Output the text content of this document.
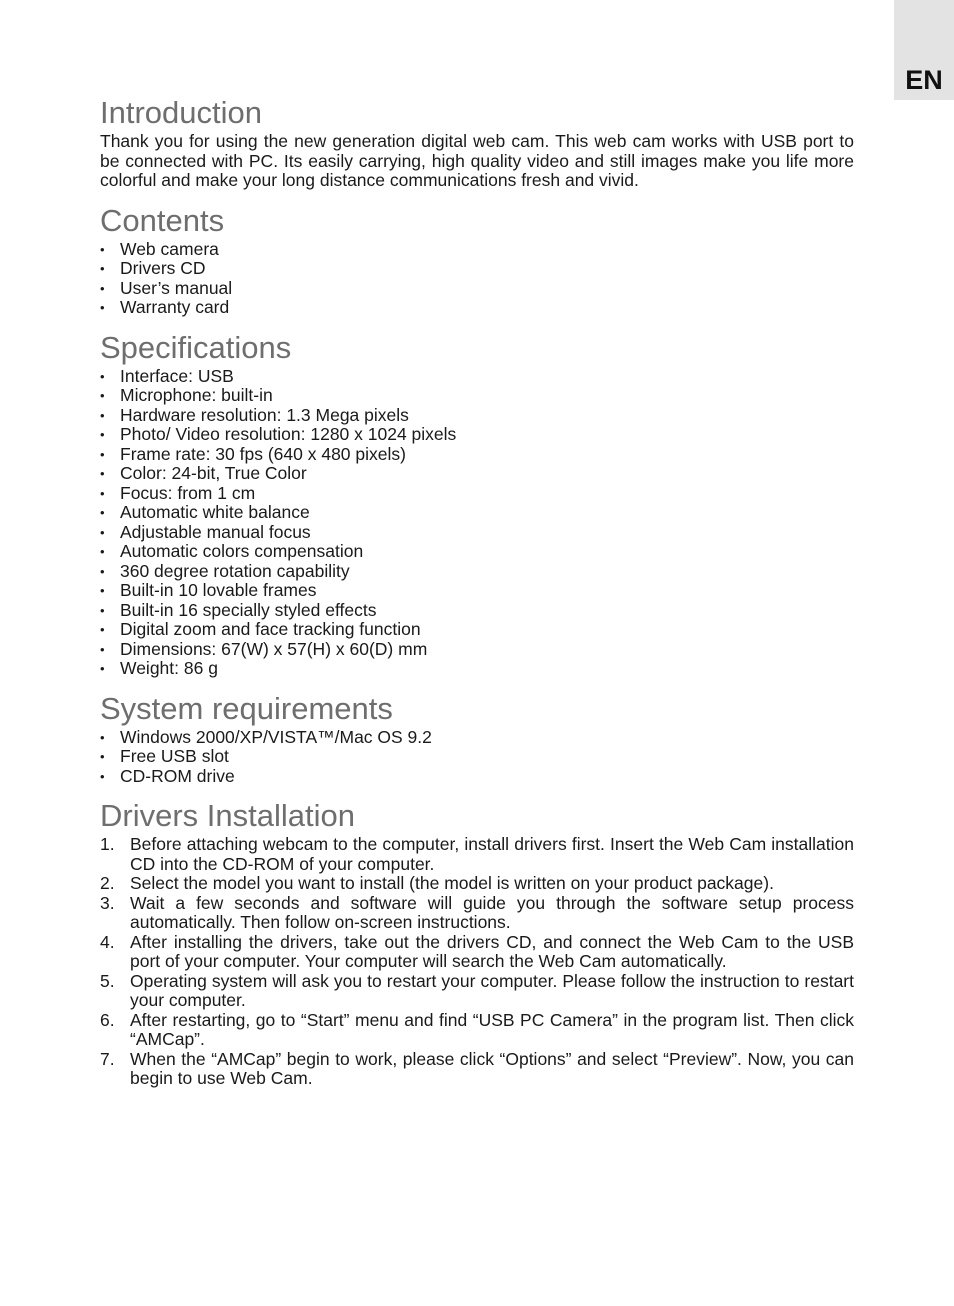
EN
Introduction

Thank you for using the new generation digital web cam. This web cam works with USB port to be connected with PC. Its easily carrying, high quality video and still images make you life more colorful and make your long distance communications fresh and vivid.

Contents
• Web camera
• Drivers CD
• User’s manual
• Warranty card
Specifications
• Interface: USB
• Microphone: built-in
• Hardware resolution: 1.3 Mega pixels
• Photo/ Video resolution: 1280 x 1024 pixels
• Frame rate: 30 fps (640 x 480 pixels)
• Color: 24-bit, True Color
• Focus: from 1 cm
• Automatic white balance
• Adjustable manual focus
• Automatic colors compensation
• 360 degree rotation capability
• Built-in 10 lovable frames
• Built-in 16 specially styled effects
• Digital zoom and face tracking function
• Dimensions: 67(W) x 57(H) x 60(D) mm
• Weight: 86 g
System requirements
• Windows 2000/XP/VISTA™/Mac OS 9.2
• Free USB slot
• CD-ROM drive
Drivers Installation
1. Before attaching webcam to the computer, install drivers first. Insert the Web Cam installation CD into the CD-ROM of your computer.
2. Select the model you want to install (the model is written on your product package).
3. Wait a few seconds and software will guide you through the software setup process automatically. Then follow on-screen instructions.
4. After installing the drivers, take out the drivers CD, and connect the Web Cam to the USB port of your computer. Your computer will search the Web Cam automatically.
5. Operating system will ask you to restart your computer. Please follow the instruction to restart your computer.
6. After restarting, go to “Start” menu and find “USB PC Camera” in the program list. Then click “AMCap”.
7. When the “AMCap” begin to work, please click “Options” and select “Preview”. Now, you can begin to use Web Cam.
